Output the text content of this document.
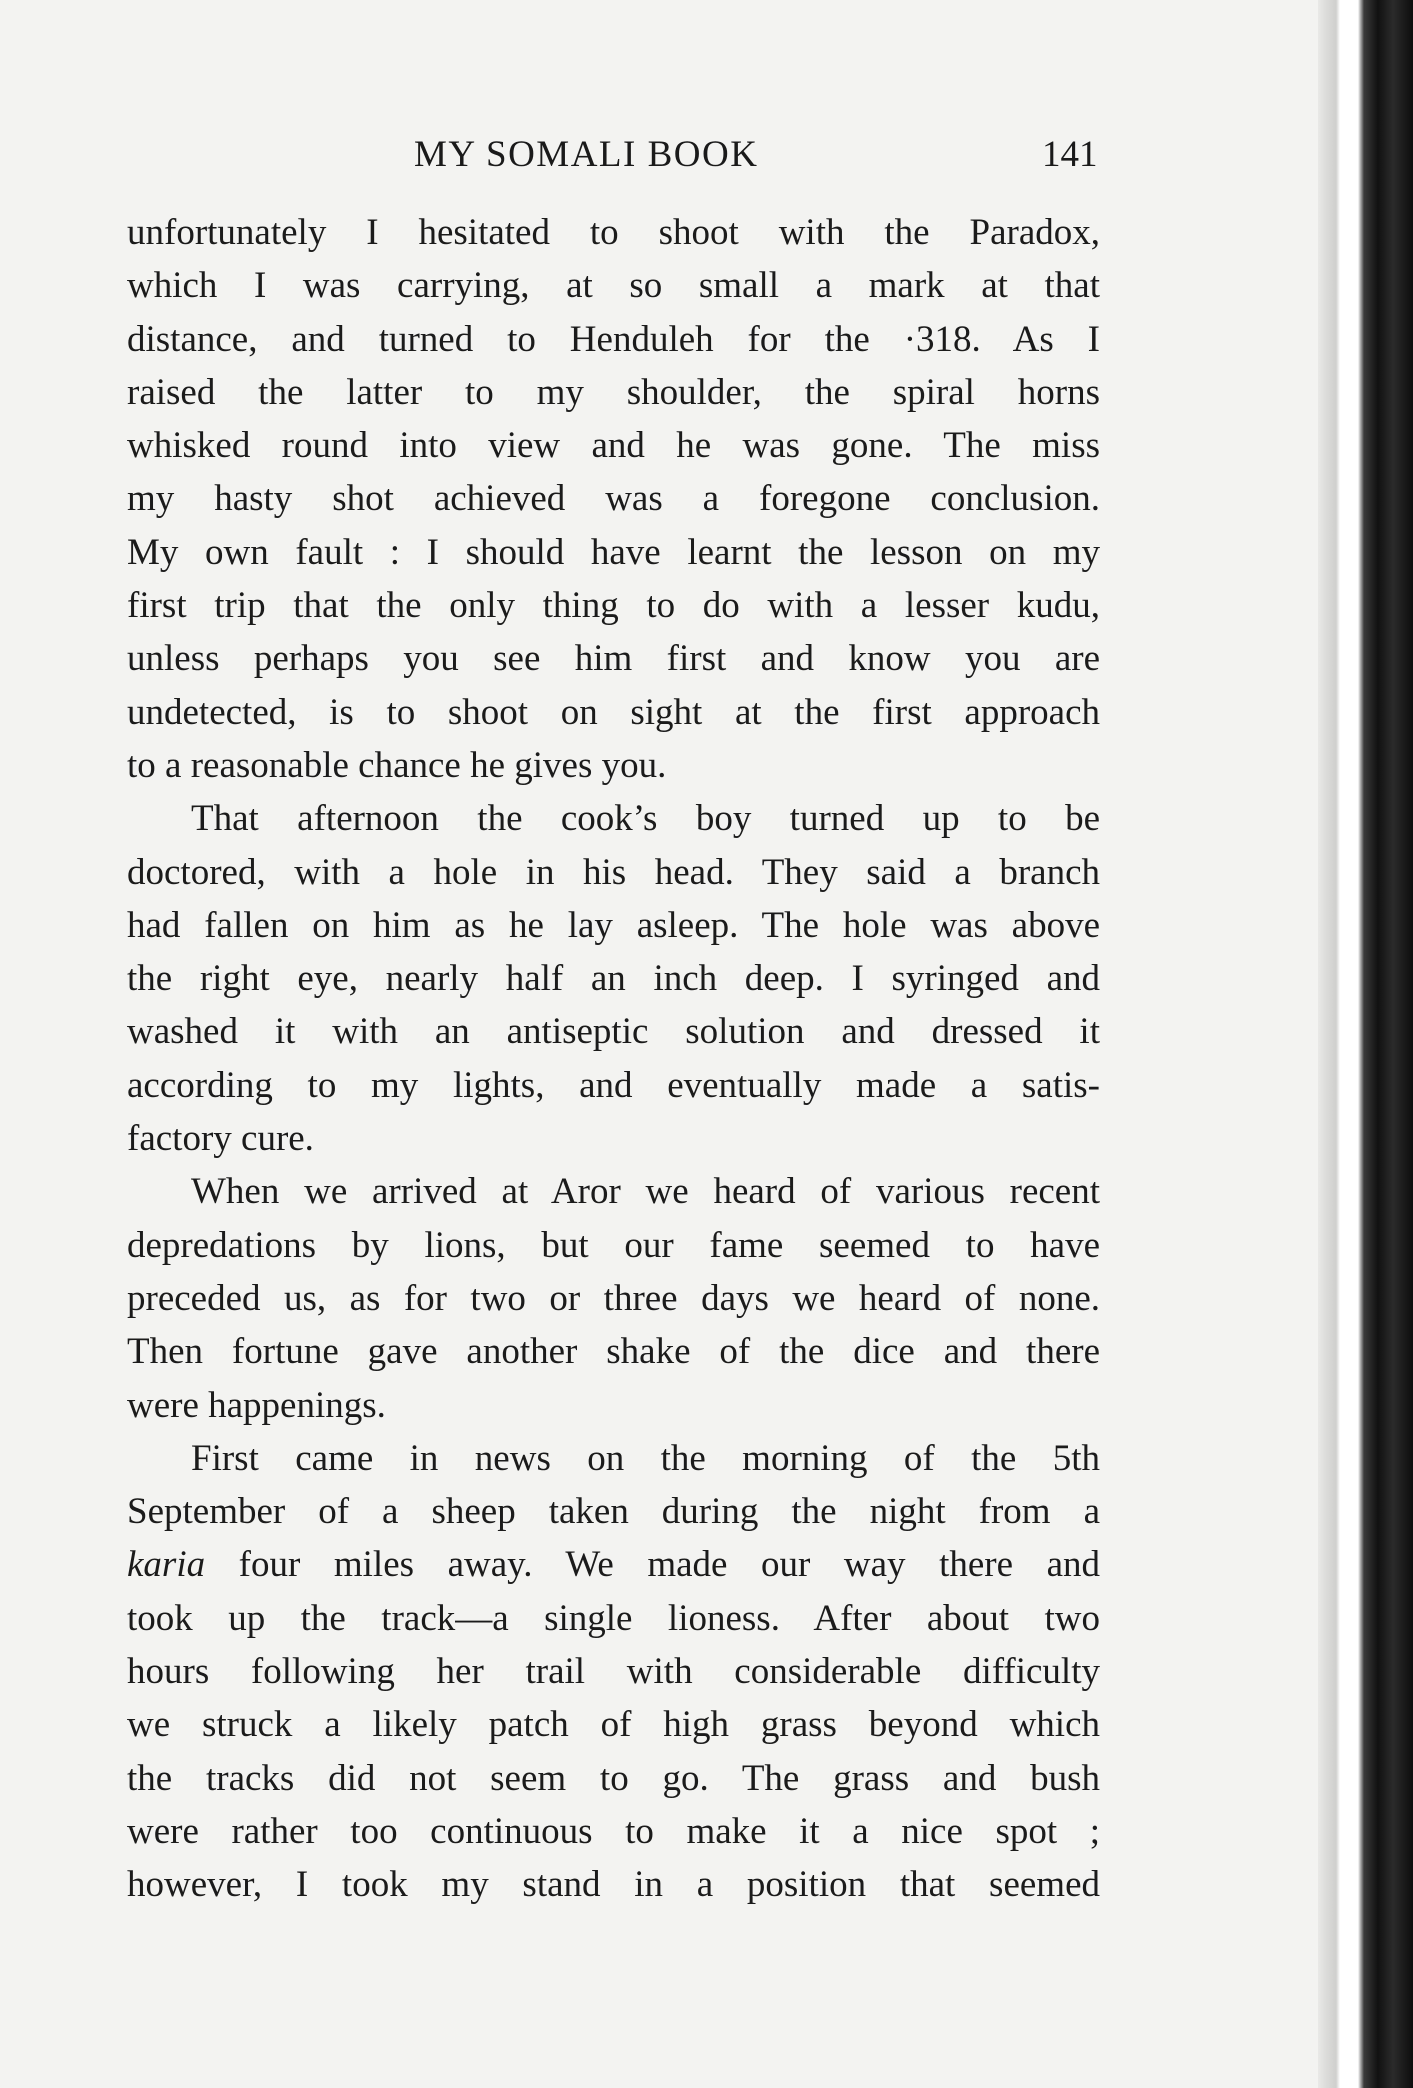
MY SOMALI BOOK	141

unfortunately I hesitated to shoot with the Paradox,
which I was carrying, at so small a mark at that
distance, and turned to Henduleh for the ·318. As I
raised the latter to my shoulder, the spiral horns
whisked round into view and he was gone. The miss
my hasty shot achieved was a foregone conclusion.
My own fault : I should have learnt the lesson on my
first trip that the only thing to do with a lesser kudu,
unless perhaps you see him first and know you are
undetected, is to shoot on sight at the first approach
to a reasonable chance he gives you.

That afternoon the cook’s boy turned up to be
doctored, with a hole in his head. They said a branch
had fallen on him as he lay asleep. The hole was above
the right eye, nearly half an inch deep. I syringed and
washed it with an antiseptic solution and dressed it
according to my lights, and eventually made a satis-
factory cure.

When we arrived at Aror we heard of various recent
depredations by lions, but our fame seemed to have
preceded us, as for two or three days we heard of none.
Then fortune gave another shake of the dice and there
were happenings.

First came in news on the morning of the 5th
September of a sheep taken during the night from a
karia four miles away. We made our way there and
took up the track—a single lioness. After about two
hours following her trail with considerable difficulty
we struck a likely patch of high grass beyond which
the tracks did not seem to go. The grass and bush
were rather too continuous to make it a nice spot ;
however, I took my stand in a position that seemed
